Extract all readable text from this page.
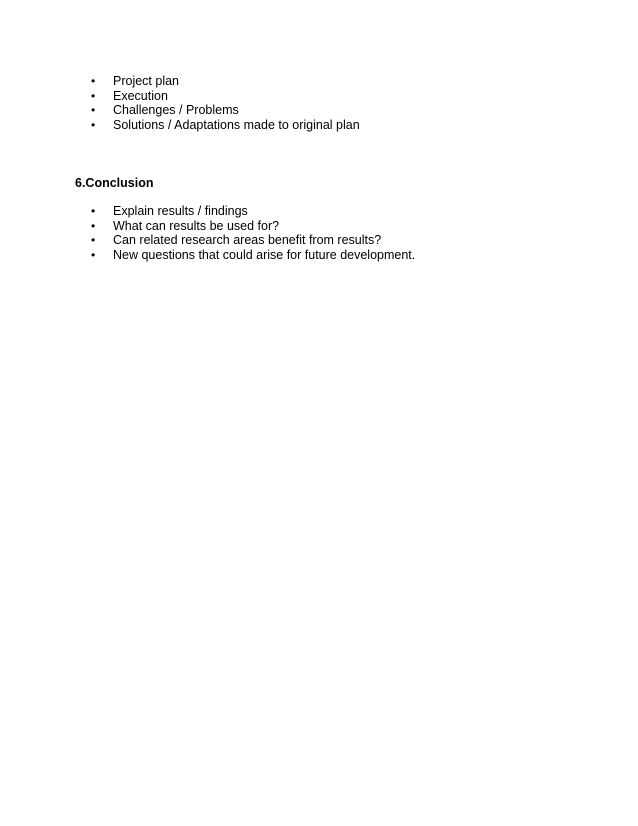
• Project plan
• Execution
• Challenges / Problems
• Solutions / Adaptations made to original plan
6.Conclusion
• Explain results / findings
• What can results be used for?
• Can related research areas benefit from results?
• New questions that could arise for future development.
